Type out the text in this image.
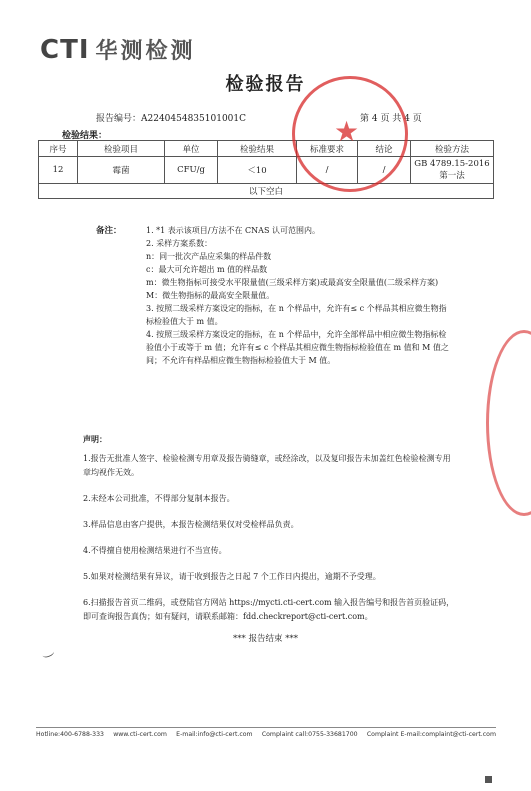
CTI 华测检测
检验报告
报告编号：A2240454835101001C	第 4 页 共 4 页
检验结果：
序号	检验项目	单位	检验结果	标准要求	结论	检验方法
12	霉菌	CFU/g	＜10	/	/	GB 4789.15-2016
第一法

以下空白						
备注：	1. *1 表示该项目/方法不在 CNAS 认可范围内。

2. 采样方案系数：

n：同一批次产品应采集的样品件数

c：最大可允许超出 m 值的样品数

m：微生物指标可接受水平限量值(三级采样方案)或最高安全限量值(二级采样方案)

M：微生物指标的最高安全限量值。

3. 按照二级采样方案设定的指标，在 n 个样品中，允许有≤ c 个样品其相应微生物指标检验值大于 m 值。

4. 按照三级采样方案设定的指标，在 n 个样品中，允许全部样品中相应微生物指标检验值小于或等于 m 值；允许有≤ c 个样品其相应微生物指标检验值在 m 值和 M 值之间；不允许有样品相应微生物指标检验值大于 M 值。

声明：

1.报告无批准人签字、检验检测专用章及报告骑缝章，或经涂改，以及复印报告未加盖红色检验检测专用章均视作无效。

2.未经本公司批准，不得部分复制本报告。

3.样品信息由客户提供，本报告检测结果仅对受检样品负责。

4.不得擅自使用检测结果进行不当宣传。

5.如果对检测结果有异议，请于收到报告之日起 7 个工作日内提出，逾期不予受理。

6.扫描报告首页二维码，或登陆官方网站 https://mycti.cti-cert.com 输入报告编号和报告首页验证码，即可查询报告真伪；如有疑问，请联系邮箱：fdd.checkreport@cti-cert.com。

*** 报告结束 ***
Hotline:400-6788-333 www.cti-cert.com E-mail:info@cti-cert.com Complaint call:0755-33681700 Complaint E-mail:complaint@cti-cert.com
★
